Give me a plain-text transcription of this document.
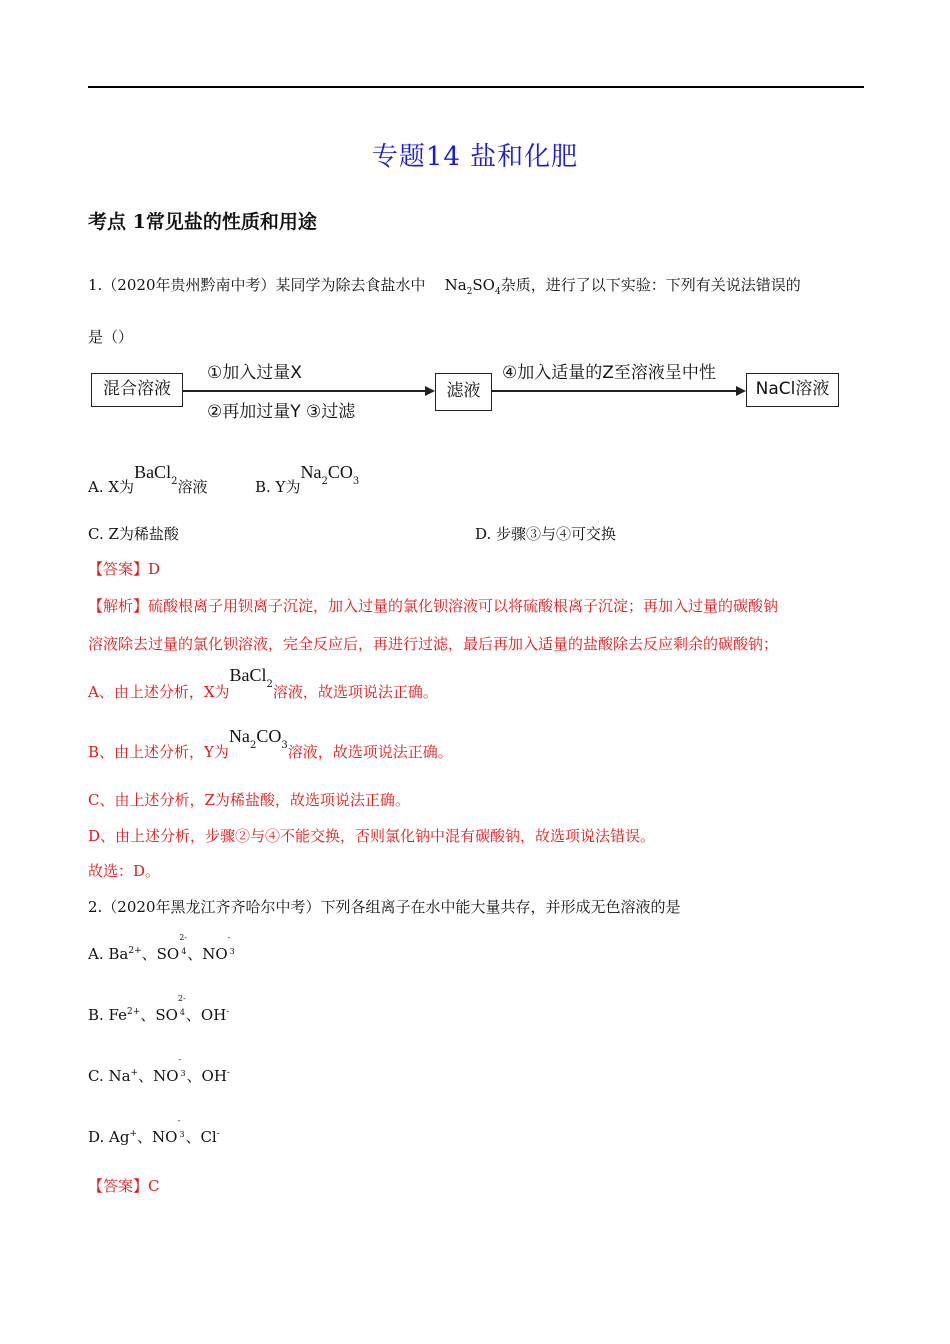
专题14 盐和化肥
考点 1常见盐的性质和用途
1.（2020年贵州黔南中考）某同学为除去食盐水中 $Na_2SO_4$杂质，进行了以下实验：下列有关说法错误的
是（）
混合溶液
①加入过量X
②再加过量Y ③过滤
滤液
④加入适量的Z至溶液呈中性
NaCl溶液
A. X为BaCl$_2$溶液	B. Y为$Na_2CO_3$
C. Z为稀盐酸	D. 步骤③与④可交换
【答案】D
【解析】硫酸根离子用钡离子沉淀，加入过量的氯化钡溶液可以将硫酸根离子沉淀；再加入过量的碳酸钠
溶液除去过量的氯化钡溶液，完全反应后，再进行过滤，最后再加入适量的盐酸除去反应剩余的碳酸钠；
A、由上述分析，X为BaCl$_2$溶液，故选项说法正确。
B、由上述分析，Y为$Na_2CO_3$溶液，故选项说法正确。
C、由上述分析，Z为稀盐酸，故选项说法正确。
D、由上述分析，步骤②与④不能交换，否则氯化钠中混有碳酸钠，故选项说法错误。
故选：D。
2.（2020年黑龙江齐齐哈尔中考）下列各组离子在水中能大量共存，并形成无色溶液的是
A. $Ba^{2+}$、SO
2-
4 、NO
-
3
B. $Fe^{2+}$、SO
2-
4 、OH-
C. Na+、NO
-
3 、OH-
D. Ag+、NO
-
3 、Cl-
【答案】C
